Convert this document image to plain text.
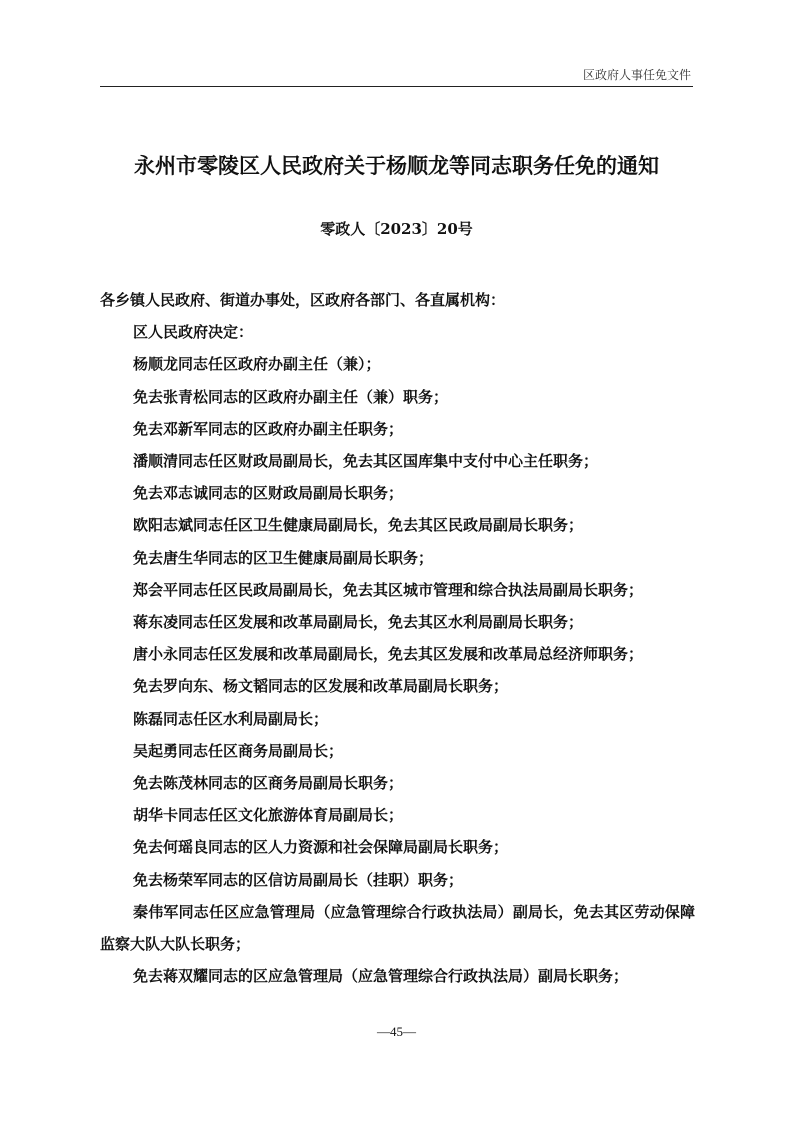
区政府人事任免文件
永州市零陵区人民政府关于杨顺龙等同志职务任免的通知
零政人〔2023〕20号
各乡镇人民政府、街道办事处，区政府各部门、各直属机构：
区人民政府决定：
杨顺龙同志任区政府办副主任（兼）；
免去张青松同志的区政府办副主任（兼）职务；
免去邓新军同志的区政府办副主任职务；
潘顺清同志任区财政局副局长，免去其区国库集中支付中心主任职务；
免去邓志诚同志的区财政局副局长职务；
欧阳志斌同志任区卫生健康局副局长，免去其区民政局副局长职务；
免去唐生华同志的区卫生健康局副局长职务；
郑会平同志任区民政局副局长，免去其区城市管理和综合执法局副局长职务；
蒋东凌同志任区发展和改革局副局长，免去其区水利局副局长职务；
唐小永同志任区发展和改革局副局长，免去其区发展和改革局总经济师职务；
免去罗向东、杨文韬同志的区发展和改革局副局长职务；
陈磊同志任区水利局副局长；
吴起勇同志任区商务局副局长；
免去陈茂林同志的区商务局副局长职务；
胡华卡同志任区文化旅游体育局副局长；
免去何瑶良同志的区人力资源和社会保障局副局长职务；
免去杨荣军同志的区信访局副局长（挂职）职务；
秦伟军同志任区应急管理局（应急管理综合行政执法局）副局长，免去其区劳动保障监察大队大队长职务；
免去蒋双耀同志的区应急管理局（应急管理综合行政执法局）副局长职务；
—45—
